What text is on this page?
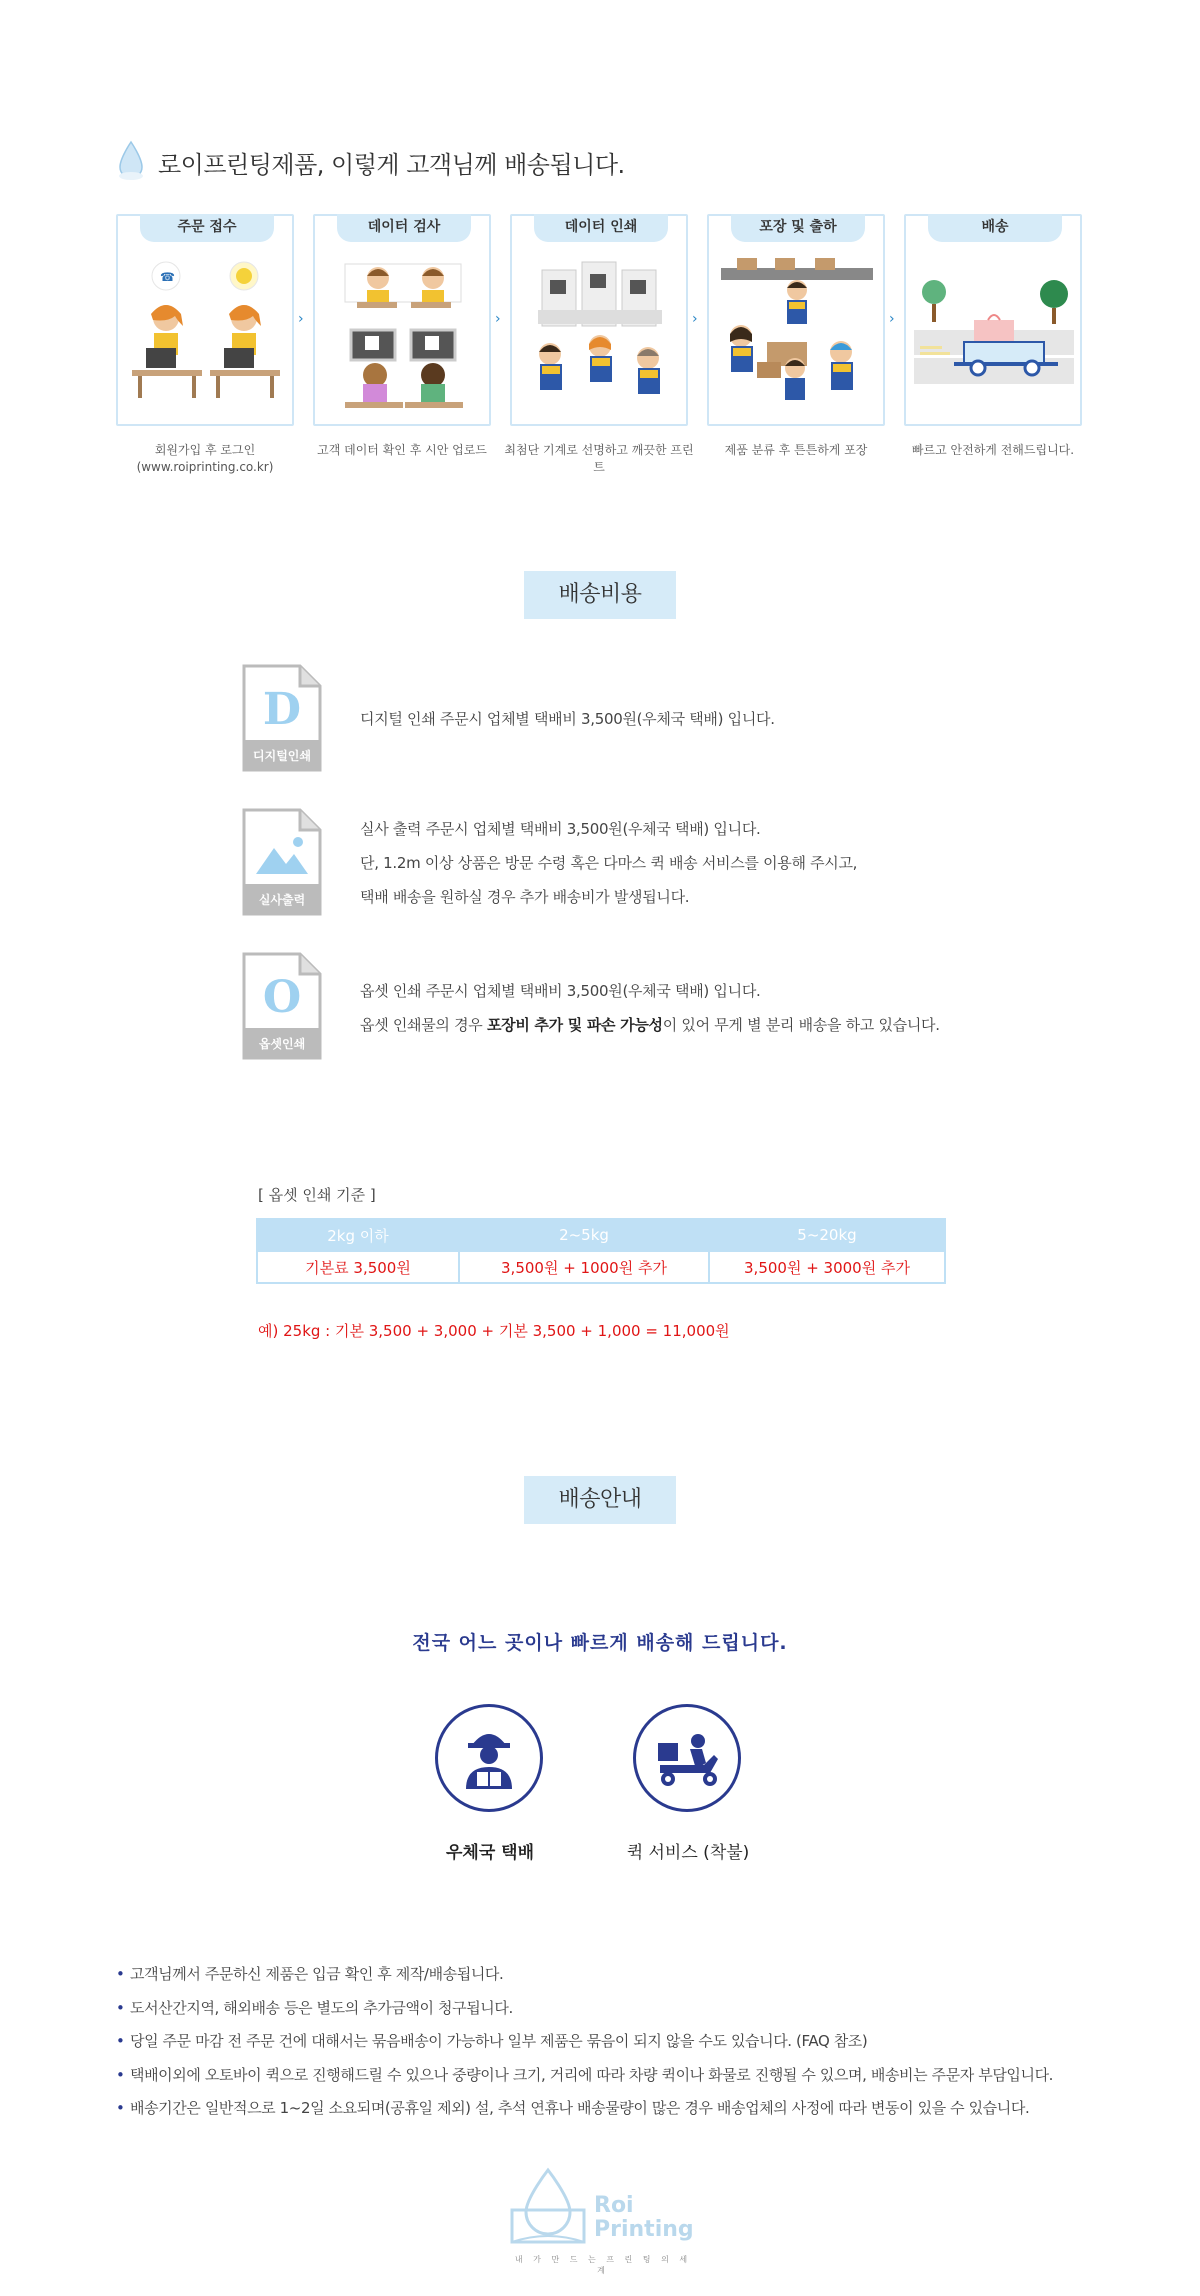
로이프린팅제품, 이렇게 고객님께 배송됩니다.
주문 접수
☎
회원가입 후 로그인
(www.roiprinting.co.kr)
›
데이터 검사
고객 데이터 확인 후 시안 업로드
›
데이터 인쇄
최첨단 기계로 선명하고 깨끗한 프린트
›
포장 및 출하
제품 분류 후 튼튼하게 포장
›
배송
빠르고 안전하게 전해드립니다.
배송비용
D
디지털인쇄
디지털 인쇄 주문시 업체별 택배비 3,500원(우체국 택배) 입니다.
실사출력
실사 출력 주문시 업체별 택배비 3,500원(우체국 택배) 입니다.
단, 1.2m 이상 상품은 방문 수령 혹은 다마스 퀵 배송 서비스를 이용해 주시고,
택배 배송을 원하실 경우 추가 배송비가 발생됩니다.
O
옵셋인쇄
옵셋 인쇄 주문시 업체별 택배비 3,500원(우체국 택배) 입니다.
옵셋 인쇄물의 경우 포장비 추가 및 파손 가능성이 있어 무게 별 분리 배송을 하고 있습니다.
[ 옵셋 인쇄 기준 ]
2kg 이하	2~5kg	5~20kg
기본료 3,500원	3,500원 + 1000원 추가	3,500원 + 3000원 추가
예) 25kg : 기본 3,500 + 3,000 + 기본 3,500 + 1,000 = 11,000원
배송안내
전국 어느 곳이나 빠르게 배송해 드립니다.
우체국 택배	퀵 서비스 (착불)
• 고객님께서 주문하신 제품은 입금 확인 후 제작/배송됩니다.
• 도서산간지역, 해외배송 등은 별도의 추가금액이 청구됩니다.
• 당일 주문 마감 전 주문 건에 대해서는 묶음배송이 가능하나 일부 제품은 묶음이 되지 않을 수도 있습니다. (FAQ 참조)
• 택배이외에 오토바이 퀵으로 진행해드릴 수 있으나 중량이나 크기, 거리에 따라 차량 퀵이나 화물로 진행될 수 있으며, 배송비는 주문자 부담입니다.
• 배송기간은 일반적으로 1~2일 소요되며(공휴일 제외) 설, 추석 연휴나 배송물량이 많은 경우 배송업체의 사정에 따라 변동이 있을 수 있습니다.
Roi Printing
내 가 만 드 는 프 린 팅 의 세 계
